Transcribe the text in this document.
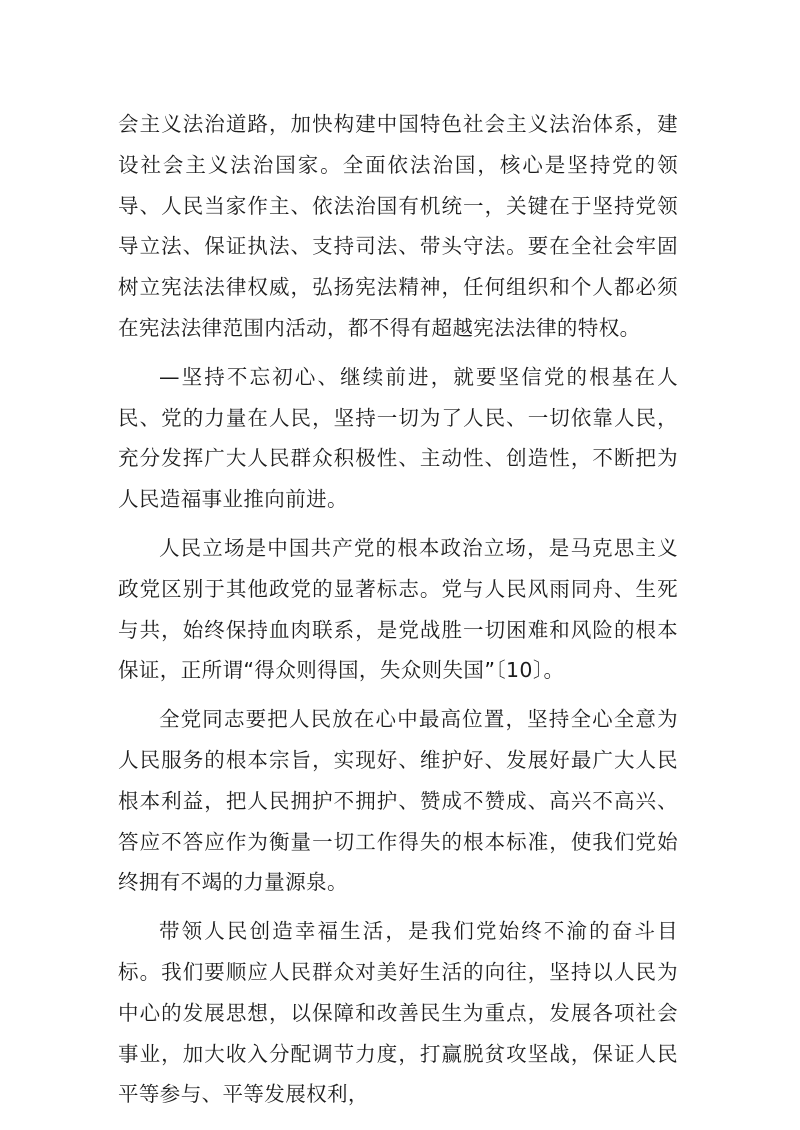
会主义法治道路，加快构建中国特色社会主义法治体系，建设社会主义法治国家。全面依法治国，核心是坚持党的领导、人民当家作主、依法治国有机统一，关键在于坚持党领导立法、保证执法、支持司法、带头守法。要在全社会牢固树立宪法法律权威，弘扬宪法精神，任何组织和个人都必须在宪法法律范围内活动，都不得有超越宪法法律的特权。

—坚持不忘初心、继续前进，就要坚信党的根基在人民、党的力量在人民，坚持一切为了人民、一切依靠人民，充分发挥广大人民群众积极性、主动性、创造性，不断把为人民造福事业推向前进。

人民立场是中国共产党的根本政治立场，是马克思主义政党区别于其他政党的显著标志。党与人民风雨同舟、生死与共，始终保持血肉联系，是党战胜一切困难和风险的根本保证，正所谓“得众则得国，失众则失国”〔10〕。

全党同志要把人民放在心中最高位置，坚持全心全意为人民服务的根本宗旨，实现好、维护好、发展好最广大人民根本利益，把人民拥护不拥护、赞成不赞成、高兴不高兴、答应不答应作为衡量一切工作得失的根本标准，使我们党始终拥有不竭的力量源泉。

带领人民创造幸福生活，是我们党始终不渝的奋斗目标。我们要顺应人民群众对美好生活的向往，坚持以人民为中心的发展思想，以保障和改善民生为重点，发展各项社会事业，加大收入分配调节力度，打赢脱贫攻坚战，保证人民平等参与、平等发展权利，
